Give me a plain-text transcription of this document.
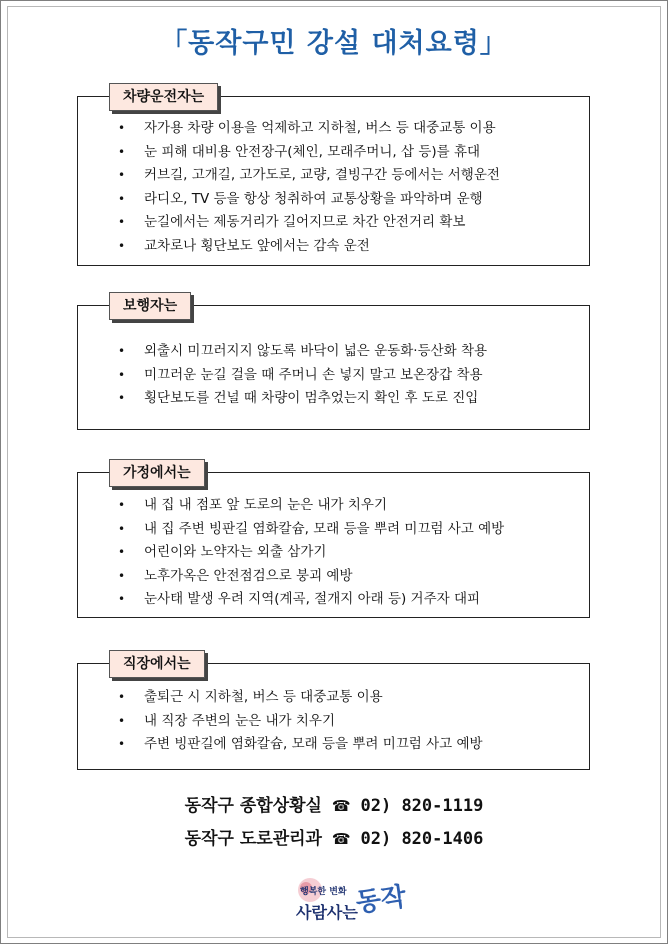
「동작구민 강설 대처요령」
차량운전자는
• 자가용 차량 이용을 억제하고 지하철, 버스 등 대중교통 이용
• 눈 피해 대비용 안전장구(체인, 모래주머니, 삽 등)를 휴대
• 커브길, 고개길, 고가도로, 교량, 결빙구간 등에서는 서행운전
• 라디오, TV 등을 항상 청취하여 교통상황을 파악하며 운행
• 눈길에서는 제동거리가 길어지므로 차간 안전거리 확보
• 교차로나 횡단보도 앞에서는 감속 운전
보행자는
• 외출시 미끄러지지 않도록 바닥이 넓은 운동화·등산화 착용
• 미끄러운 눈길 걸을 때 주머니 손 넣지 말고 보온장갑 착용
• 횡단보도를 건널 때 차량이 멈추었는지 확인 후 도로 진입
가정에서는
• 내 집 내 점포 앞 도로의 눈은 내가 치우기
• 내 집 주변 빙판길 염화칼슘, 모래 등을 뿌려 미끄럼 사고 예방
• 어린이와 노약자는 외출 삼가기
• 노후가옥은 안전점검으로 붕괴 예방
• 눈사태 발생 우려 지역(계곡, 절개지 아래 등) 거주자 대피
직장에서는
• 출퇴근 시 지하철, 버스 등 대중교통 이용
• 내 직장 주변의 눈은 내가 치우기
• 주변 빙판길에 염화칼슘, 모래 등을 뿌려 미끄럼 사고 예방
동작구 종합상황실 ☎ 02) 820-1119
동작구 도로관리과 ☎ 02) 820-1406
행복한 변화
사람사는
동작
